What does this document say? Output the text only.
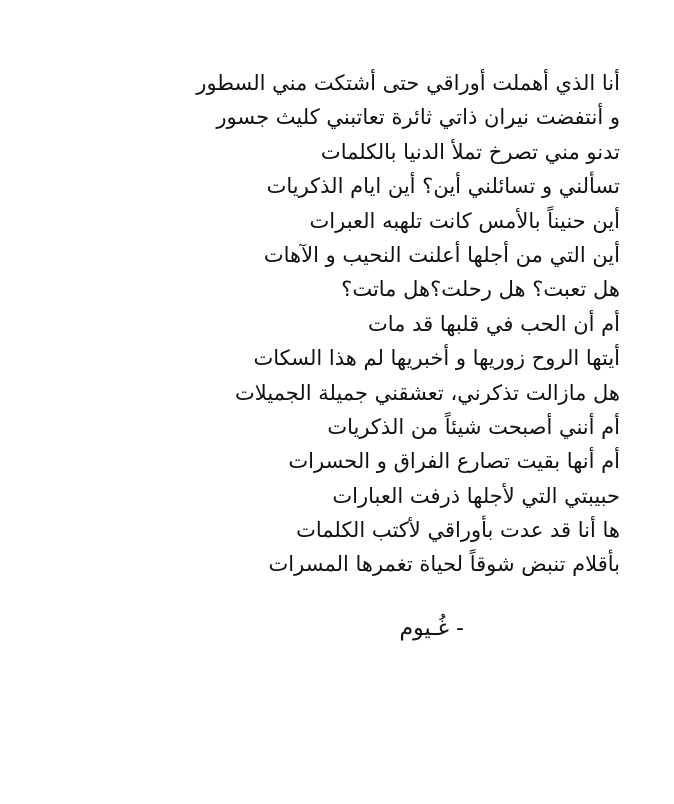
أنا الذي أهملت أوراقي حتى أشتكت مني السطور
و أنتفضت نيران ذاتي ثائرة تعاتبني كليث جسور
تدنو مني تصرخ تملأ الدنيا بالكلمات
تسألني و تسائلني أين؟ أين ايام الذكريات
أين حنيناً بالأمس كانت تلهبه العبرات
أين التي من أجلها أعلنت النحيب و الآهات
هل تعبت؟ هل رحلت؟هل ماتت؟
أم أن الحب في قلبها قد مات
أيتها الروح زوريها و أخبريها لم هذا السكات
هل مازالت تذكرني، تعشقني جميلة الجميلات
أم أنني أصبحت شيئاً من الذكريات
أم أنها بقيت تصارع الفراق و الحسرات
حبيبتي التي لأجلها ذرفت العبارات
ها أنا قد عدت بأوراقي لأكتب الكلمات
بأقلام تنبض شوقاً لحياة تغمرها المسرات
- غُـيوم
